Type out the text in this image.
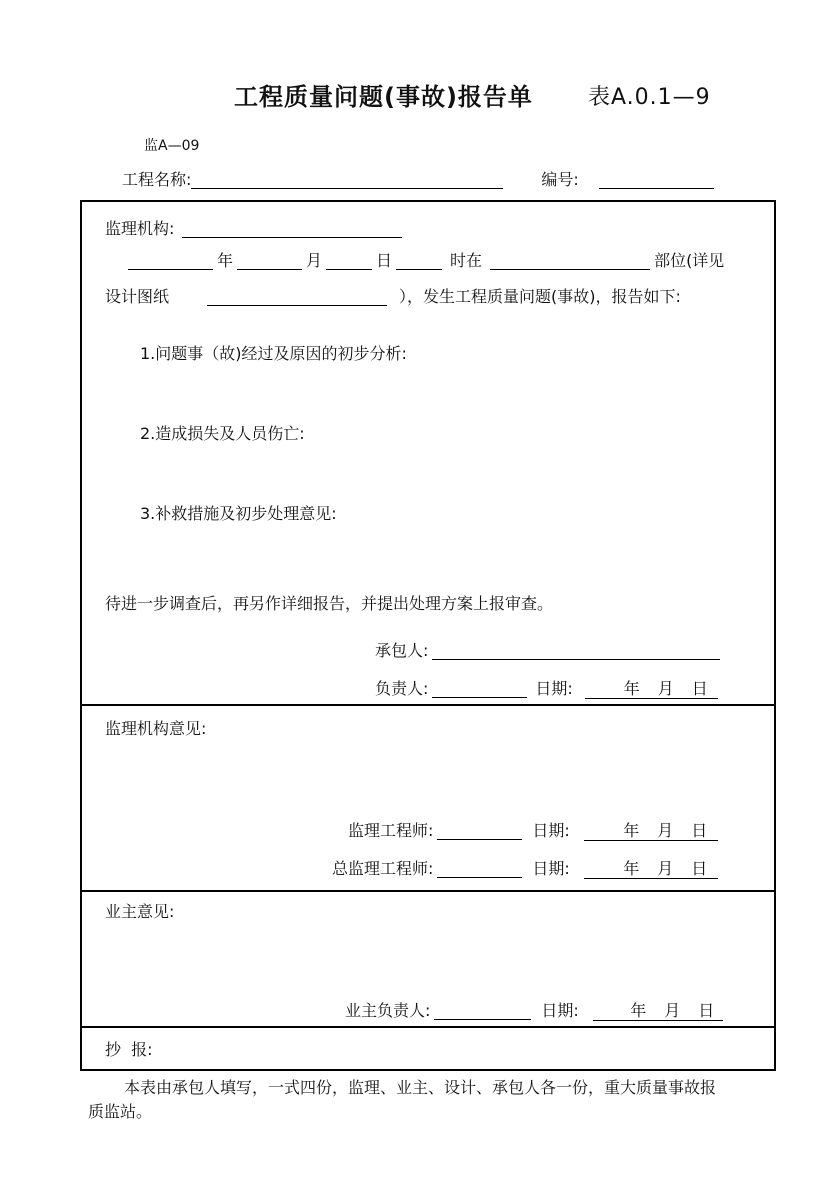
工程质量问题(事故)报告单	表A.0.1—9
监A—09
工程名称:	编号:
监理机构:
年	月	日	时在	部位(详见
设计图纸	），发生工程质量问题(事故)，报告如下:
1.问题事（故)经过及原因的初步分析:
2.造成损失及人员伤亡:
3.补救措施及初步处理意见:
待进一步调查后，再另作详细报告，并提出处理方案上报审查。
承包人:
负责人:	日期:	年　月　日
监理机构意见:
监理工程师:	日期:	年　月　日
总监理工程师:	日期:	年　月　日
业主意见:
业主负责人:	日期:	年　月　日
抄  报:
本表由承包人填写，一式四份，监理、业主、设计、承包人各一份，重大质量事故报
质监站。
